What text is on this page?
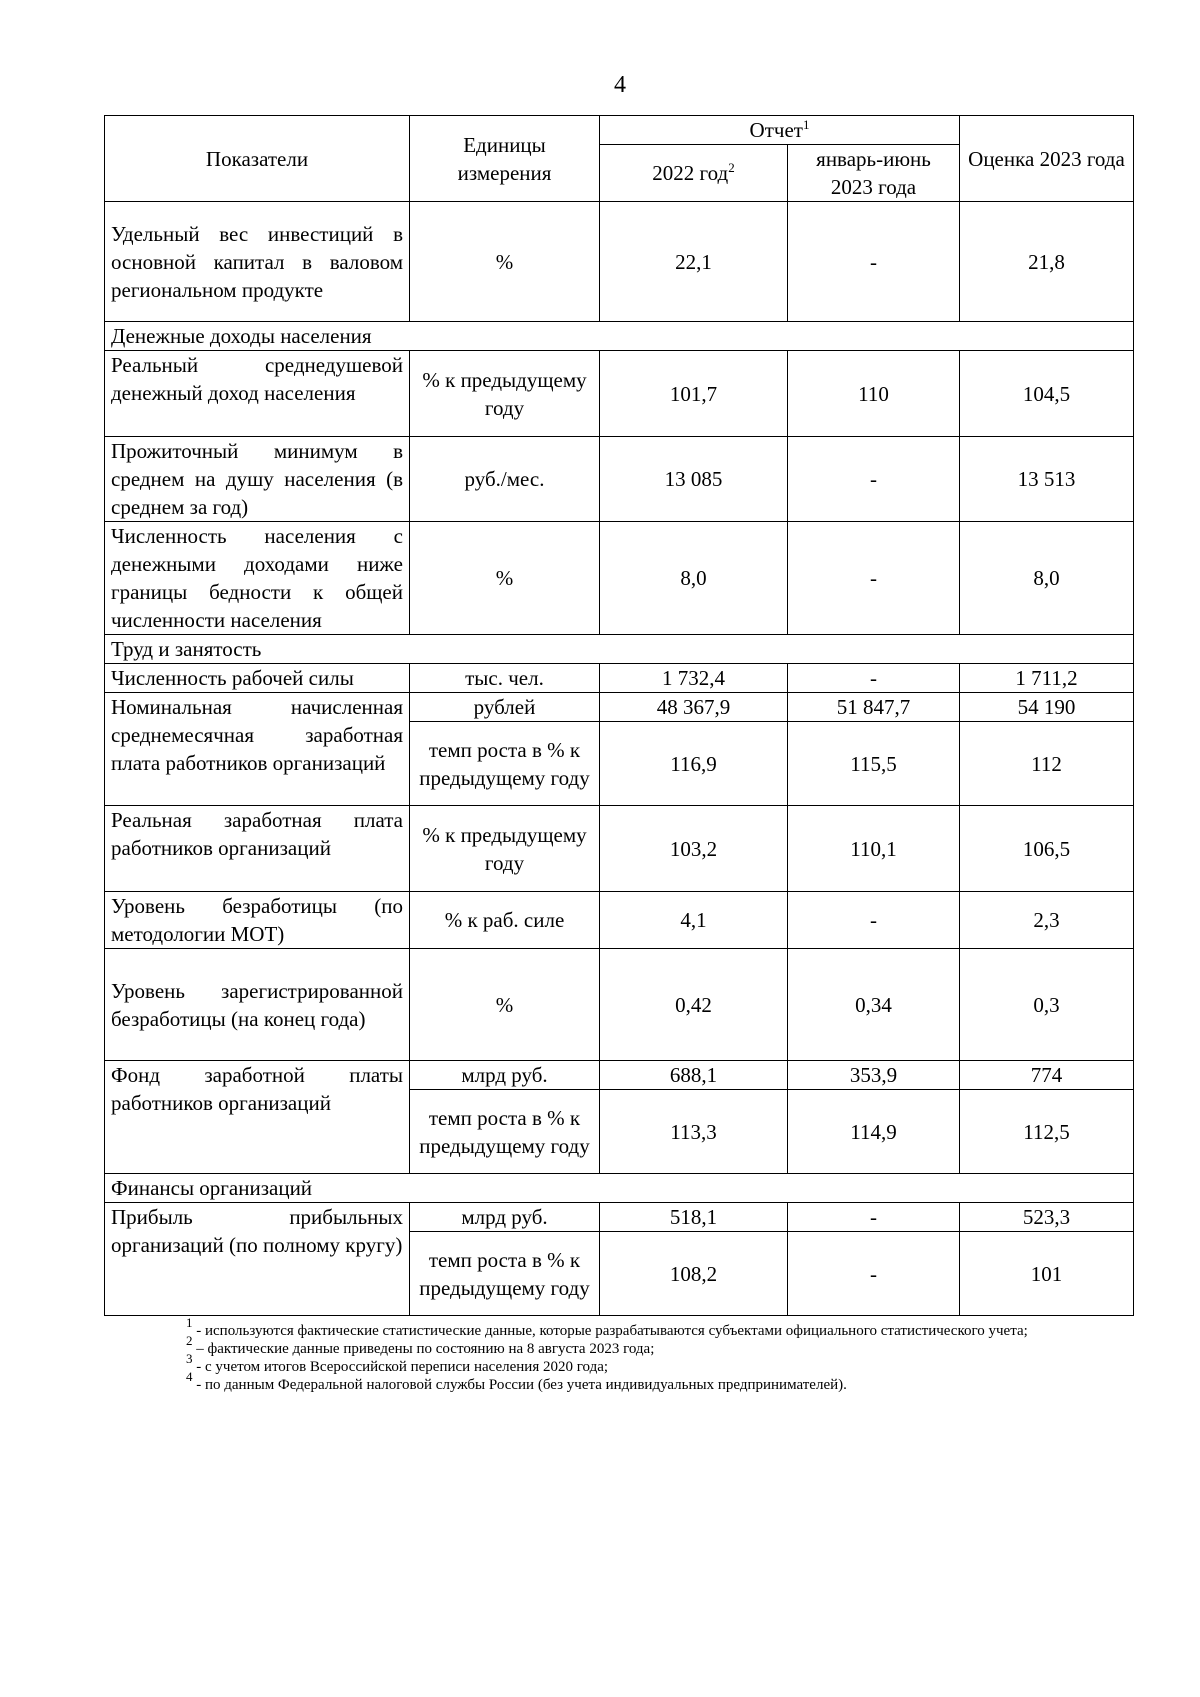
4
Показатели	Единицы измерения	Отчет$^1$		Оценка 2023 года
		2022 год$^2$	январь-июнь 2023 года	
Удельный вес инвестиций в основной капитал в валовом региональном продукте	%	22,1	-	21,8
Денежные доходы населения				
Реальный среднедушевой денежный доход населения	% к предыдущему году	101,7	110	104,5
Прожиточный минимум в среднем на душу населения (в среднем за год)	руб./мес.	13 085	-	13 513
Численность населения с денежными доходами ниже границы бедности к общей численности населения	%	8,0	-	8,0
Труд и занятость				
Численность рабочей силы	тыс. чел.	1 732,4	-	1 711,2
Номинальная начисленная среднемесячная заработная плата работников организаций	рублей	48 367,9	51 847,7	54 190
	темп роста в % к предыдущему году	116,9	115,5	112
Реальная заработная плата работников организаций	% к предыдущему году	103,2	110,1	106,5
Уровень безработицы (по методологии МОТ)	% к раб. силе	4,1	-	2,3
Уровень зарегистрированной безработицы (на конец года)	%	0,42	0,34	0,3
Фонд заработной платы работников организаций	млрд руб.	688,1	353,9	774
	темп роста в % к предыдущему году	113,3	114,9	112,5
Финансы организаций				
Прибыль прибыльных организаций (по полному кругу)	млрд руб.	518,1	-	523,3
	темп роста в % к предыдущему году	108,2	-	101

$^1$ - используются фактические статистические данные, которые разрабатываются субъектами официального статистического учета;

$^2$ – фактические данные приведены по состоянию на 8 августа 2023 года;

$^3$ - с учетом итогов Всероссийской переписи населения 2020 года;

$^4$ - по данным Федеральной налоговой службы России (без учета индивидуальных предпринимателей).
